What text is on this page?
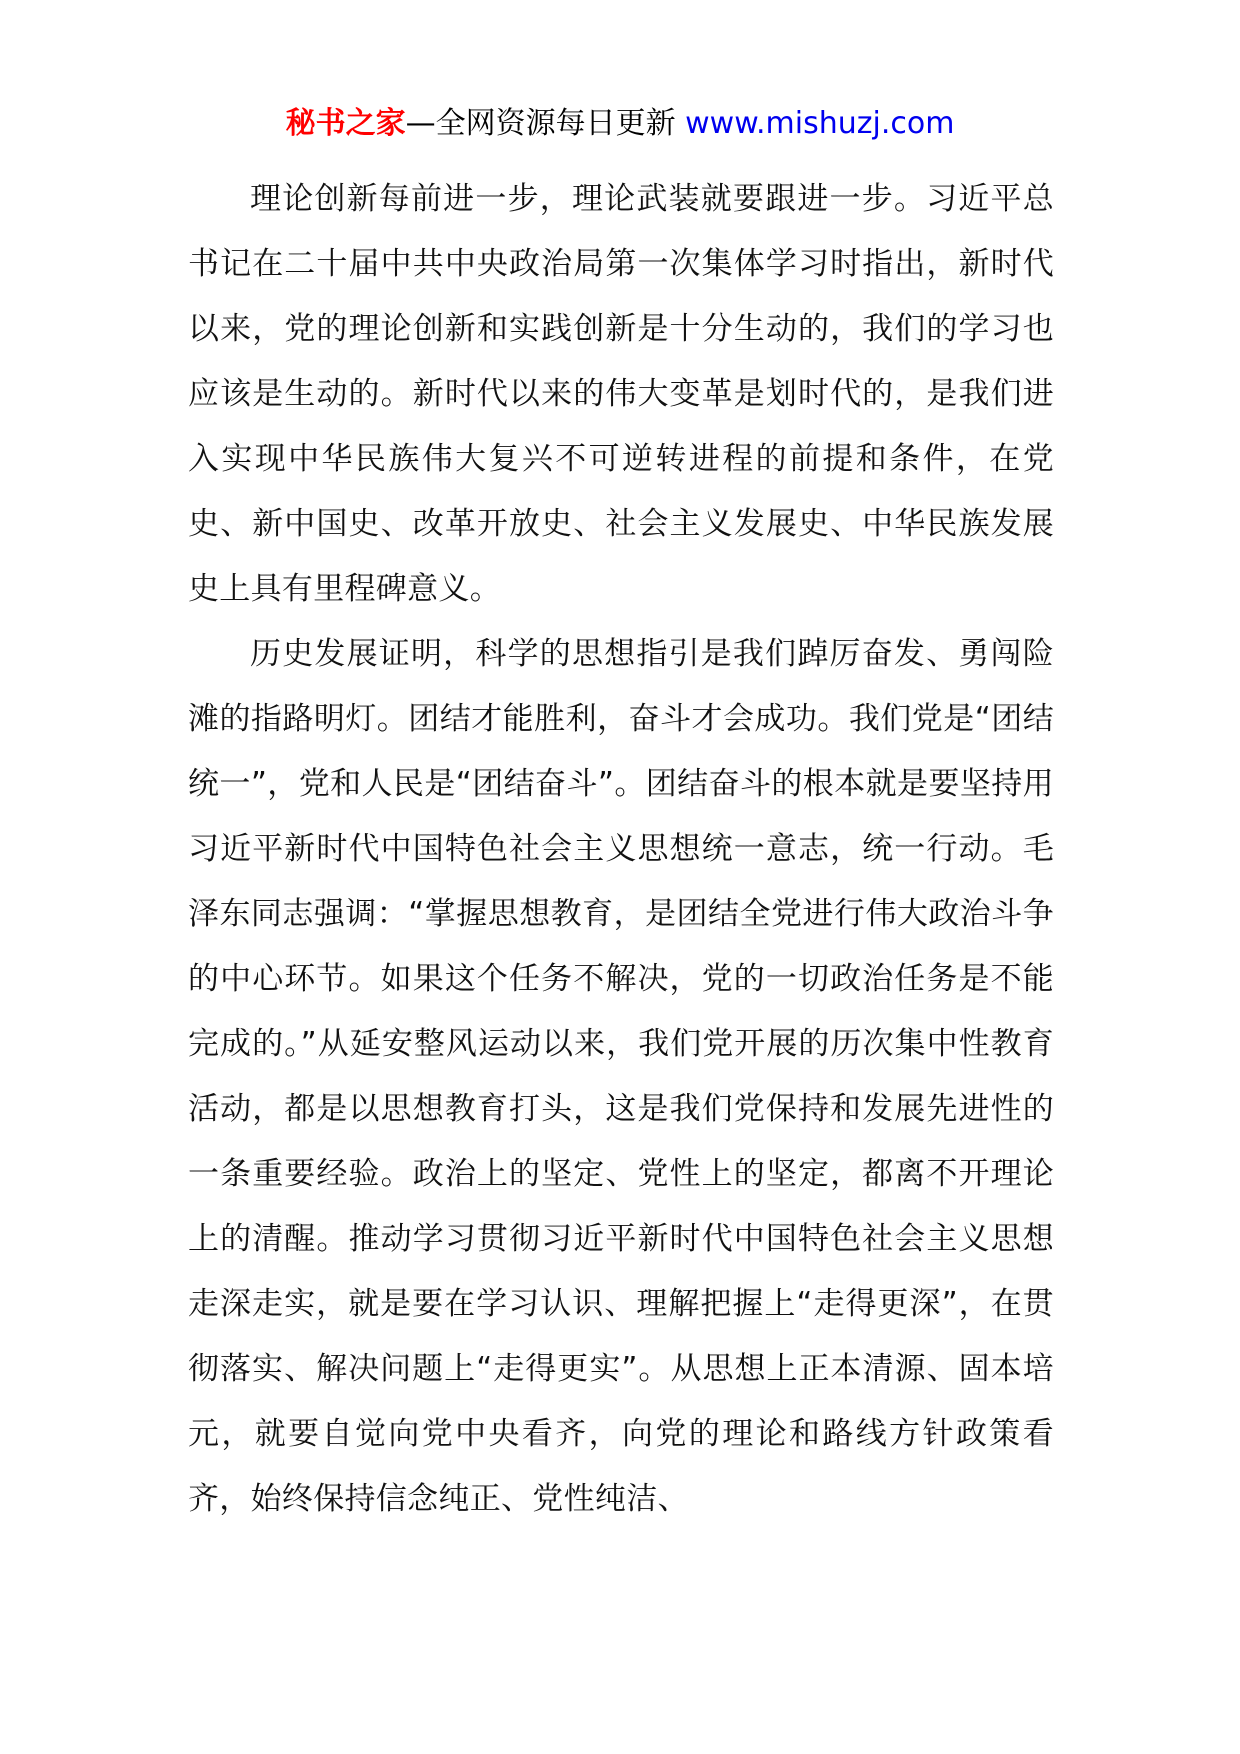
秘书之家—全网资源每日更新 www.mishuzj.com

理论创新每前进一步，理论武装就要跟进一步。习近平总书记在二十届中共中央政治局第一次集体学习时指出，新时代以来，党的理论创新和实践创新是十分生动的，我们的学习也应该是生动的。新时代以来的伟大变革是划时代的，是我们进入实现中华民族伟大复兴不可逆转进程的前提和条件，在党史、新中国史、改革开放史、社会主义发展史、中华民族发展史上具有里程碑意义。

历史发展证明，科学的思想指引是我们踔厉奋发、勇闯险滩的指路明灯。团结才能胜利，奋斗才会成功。我们党是“团结统一”，党和人民是“团结奋斗”。团结奋斗的根本就是要坚持用习近平新时代中国特色社会主义思想统一意志，统一行动。毛泽东同志强调：“掌握思想教育，是团结全党进行伟大政治斗争的中心环节。如果这个任务不解决，党的一切政治任务是不能完成的。”从延安整风运动以来，我们党开展的历次集中性教育活动，都是以思想教育打头，这是我们党保持和发展先进性的一条重要经验。政治上的坚定、党性上的坚定，都离不开理论上的清醒。推动学习贯彻习近平新时代中国特色社会主义思想走深走实，就是要在学习认识、理解把握上“走得更深”，在贯彻落实、解决问题上“走得更实”。从思想上正本清源、固本培元，就要自觉向党中央看齐，向党的理论和路线方针政策看齐，始终保持信念纯正、党性纯洁、
